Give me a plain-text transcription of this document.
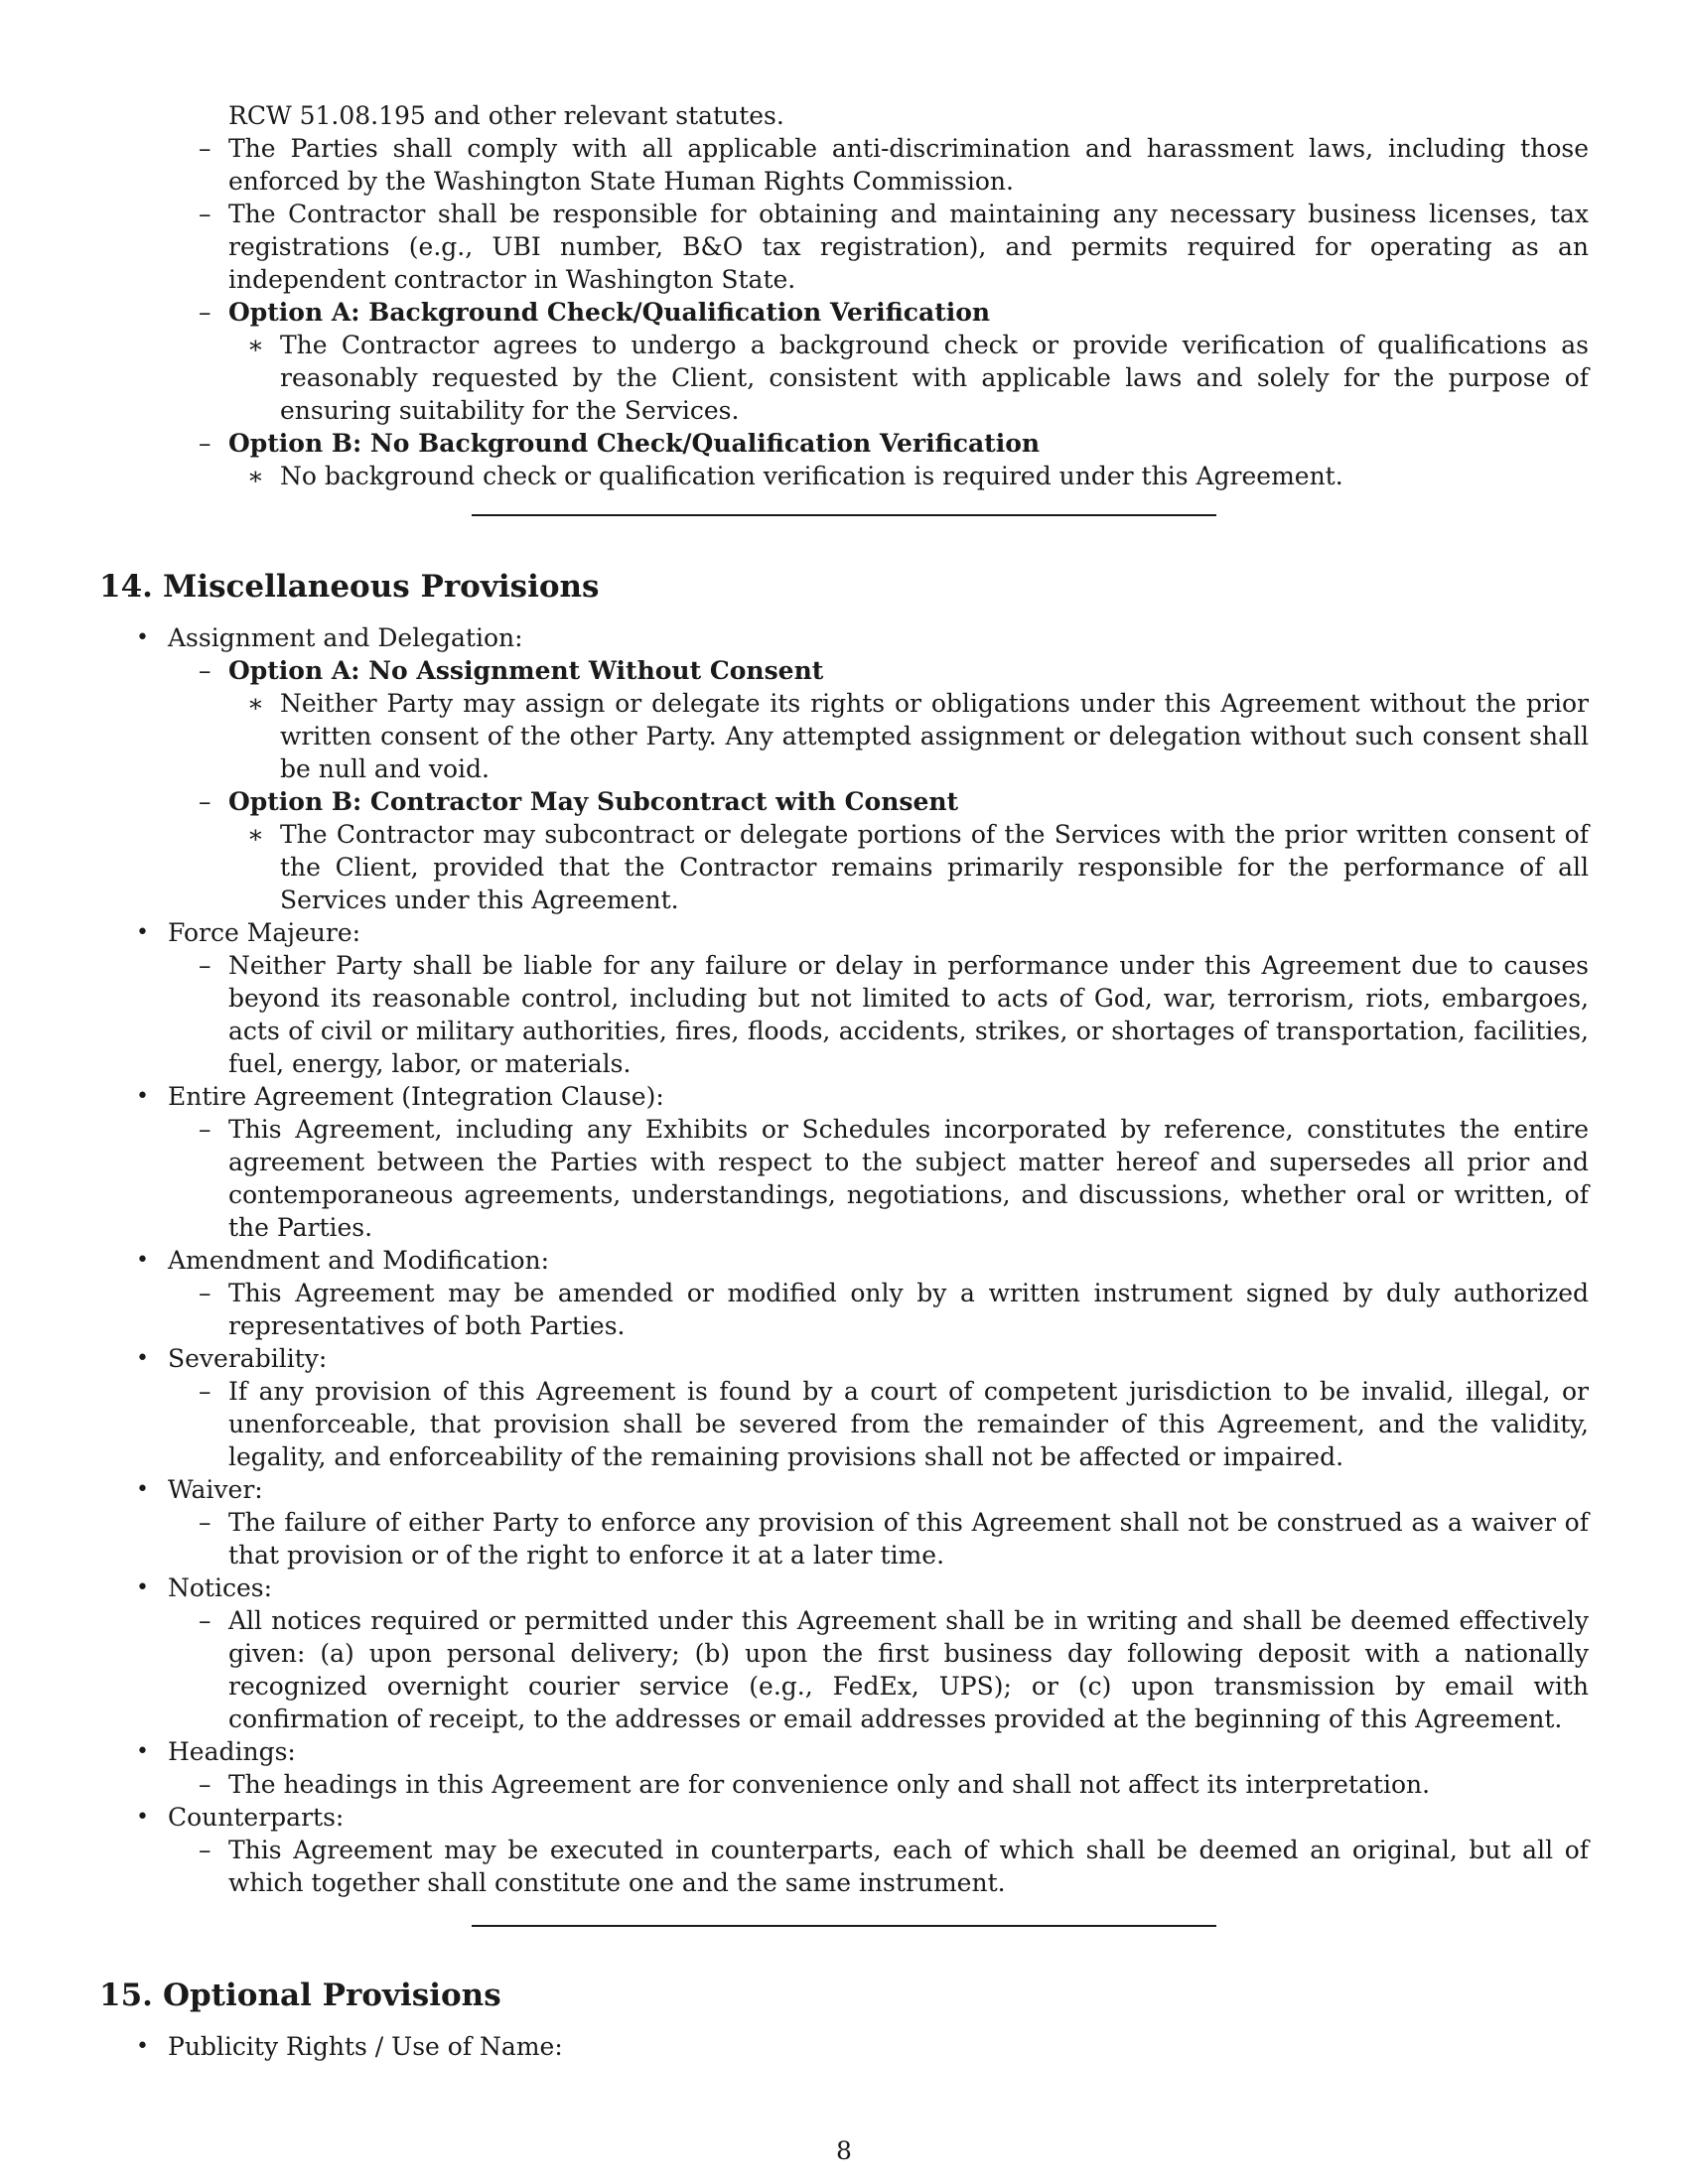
RCW 51.08.195 and other relevant statutes.
– The Parties shall comply with all applicable anti-discrimination and harassment laws, including those enforced by the Washington State Human Rights Commission.
– The Contractor shall be responsible for obtaining and maintaining any necessary business licenses, tax registrations (e.g., UBI number, B&O tax registration), and permits required for operating as an independent contractor in Washington State.
– Option A: Background Check/Qualification Verification
∗ The Contractor agrees to undergo a background check or provide verification of qualifications as reasonably requested by the Client, consistent with applicable laws and solely for the purpose of ensuring suitability for the Services.
– Option B: No Background Check/Qualification Verification
∗ No background check or qualification verification is required under this Agreement.
14. Miscellaneous Provisions
• Assignment and Delegation:
– Option A: No Assignment Without Consent
∗ Neither Party may assign or delegate its rights or obligations under this Agreement without the prior written consent of the other Party. Any attempted assignment or delegation without such consent shall be null and void.
– Option B: Contractor May Subcontract with Consent
∗ The Contractor may subcontract or delegate portions of the Services with the prior written consent of the Client, provided that the Contractor remains primarily responsible for the performance of all Services under this Agreement.
• Force Majeure:
– Neither Party shall be liable for any failure or delay in performance under this Agreement due to causes beyond its reasonable control, including but not limited to acts of God, war, terrorism, riots, embargoes, acts of civil or military authorities, fires, floods, accidents, strikes, or shortages of transportation, facilities, fuel, energy, labor, or materials.
• Entire Agreement (Integration Clause):
– This Agreement, including any Exhibits or Schedules incorporated by reference, constitutes the entire agreement between the Parties with respect to the subject matter hereof and supersedes all prior and contemporaneous agreements, understandings, negotiations, and discussions, whether oral or written, of the Parties.
• Amendment and Modification:
– This Agreement may be amended or modified only by a written instrument signed by duly authorized representatives of both Parties.
• Severability:
– If any provision of this Agreement is found by a court of competent jurisdiction to be invalid, illegal, or unenforceable, that provision shall be severed from the remainder of this Agreement, and the validity, legality, and enforceability of the remaining provisions shall not be affected or impaired.
• Waiver:
– The failure of either Party to enforce any provision of this Agreement shall not be construed as a waiver of that provision or of the right to enforce it at a later time.
• Notices:
– All notices required or permitted under this Agreement shall be in writing and shall be deemed effectively given: (a) upon personal delivery; (b) upon the first business day following deposit with a nationally recognized overnight courier service (e.g., FedEx, UPS); or (c) upon transmission by email with confirmation of receipt, to the addresses or email addresses provided at the beginning of this Agreement.
• Headings:
– The headings in this Agreement are for convenience only and shall not affect its interpretation.
• Counterparts:
– This Agreement may be executed in counterparts, each of which shall be deemed an original, but all of which together shall constitute one and the same instrument.
15. Optional Provisions
• Publicity Rights / Use of Name:
8
